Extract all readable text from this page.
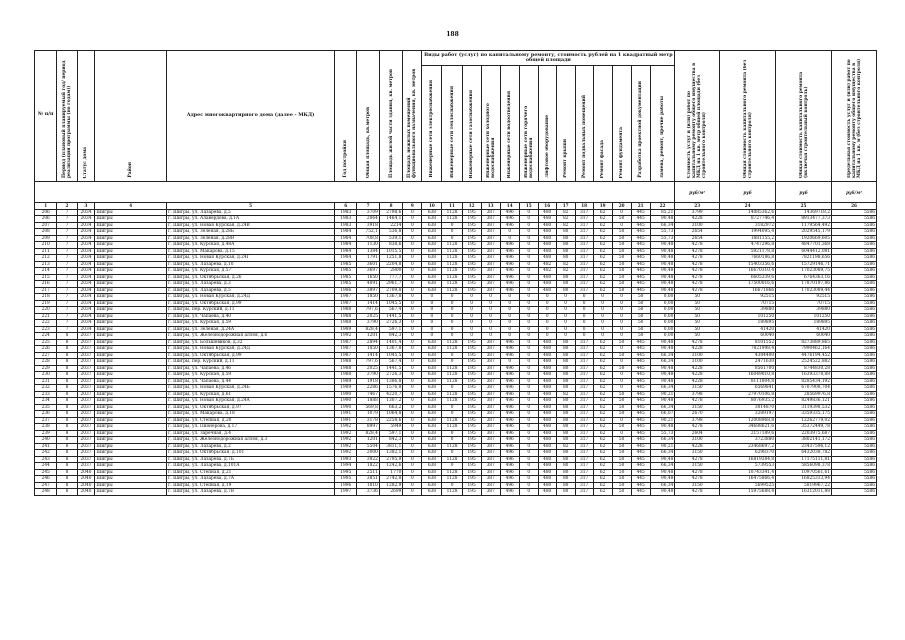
188
№ п/п	Период (плановый планируемый год/ период реализации программы (по годам))	Статус дома	Район	Адрес многоквартирного дома (далее - МКД)	Год постройки	Общая площадь, кв.метров	Площадь жилой части здания, кв. метров	Площадь нежилых помещений функционального назначения, кв. метров	Виды работ (услуг) по капитальному ремонту, стоимость рублей на 1 квадратный метр общей площади													Стоимость услуг и (или) работ по капитальному ремонту общего имущества в МКД на 1 кв. метр общей площади (без строительного контроля)	Общая стоимость капитального ремонта (без строительного контроля)	Общая стоимость капитального ремонта (включая строительный контроль)	Предельная стоимость услуг и (или) работ по капитальному ремонту общего имущества в МКД на 1 кв. м (без строительного контроля)

									Инженерные сети электроснабжения	Инженерные сети теплоснабжения	Инженерные сети газоснабжения	Инженерные сети холодного водоснабжения	Инженерные сети водоотведения	Инженерные сети горячего водоснабжения	Лифтовое оборудование	Ремонт крыши	Ремонт подвальных помещений	Ремонт фасада	Ремонт фундамента	Разработка проектной документации	Замена, ремонт, прочие работы				

																						руб/м²	руб	руб	руб/м²
1	2	3	4	5	6	7	8	9	10	11	12	13	14	15	16	17	18	19	20	21	22	23	24	25	26
206	7	2034	Шигры	г. Шигры, ул. Лазарева, д.5	1983	3709	2798,6	0	638	1128	195	387	496	0	480	82	317	62	0	445	85,21	3799	14085362,6	14369718,2	5586
206	7	2034	Шигры	г. Шигры, ул. Алавердова, д.1А	1983	2064	1464,1	0	638	1128	195	387	496	0	480	82	317	62	50	445	90,48	4228	8727746,4	8913477,373	5586
207	7	2034	Шигры	г. Шигры, ул. Новая Курская, д.24В	1983	3918	2214	0	638	0	195	387	496	0	480	82	317	62	0	445	66,34	3100	3182972	1179564,492	5586
208	7	2034	Шигры	г. Шигры, ул. Зеленая, д.28Б	1984	752,1	536,8	0	638	0	195	387	0	0	480	80	317	62	50	445	55,73	2654	1994095,4	2029545,179	5586
209	7	2034	Шигры	г. Шигры, ул. Зеленая, д.28В	1984	708,8	539,1	0	638	0	195	387	0	0	480	80	317	62	50	445	55,73	2654	1881155,2	1920669,605	5586
210	7	2034	Шигры	г. Шигры, ул. Курская, д.48А	1984	1130	838,6	0	638	1128	195	387	496	0	480	80	317	62	50	445	90,48	4278	4747296,8	4847701,368	5586
211	7	2034	Шигры	г. Шигры, ул. Макарова, д.15	1984	1384	1015,5	0	638	1128	195	387	496	0	480	80	317	62	50	445	90,48	4278	5921178,8	6044412,081	5586
212	7	2034	Шигры	г. Шигры, ул. Новая Курская, д.24Г	1984	1791	1251,8	0	638	1128	195	387	496	0	480	80	317	62	50	445	90,48	4278	7660186,8	7821198,656	5586
213	7	2034	Шигры	г. Шигры, ул. Лазарева, д.10	1985	3601	2204,8	0	638	1128	195	387	496	0	482	82	317	62	50	445	90,48	4278	15403356,6	15729146,71	5586
214	7	2034	Шигры	г. Шигры, ул. Курская, д.57	1985	3697	2800	0	638	1128	195	387	496	0	482	82	317	62	50	445	90,48	4278	16670310,4	17023089,75	5586
215	7	2034	Шигры	г. Шигры, ул. Октябрьская, д.26	1985	1650	777,7	0	638	1128	195	387	496	0	480	80	317	62	50	445	90,48	4278	6605339,6	6764363,16	5586
216	7	2034	Шигры	г. Шигры, ул. Лазарева, д.3	1985	4091	2961,7	0	638	1128	195	387	496	0	480	80	317	62	50	445	90,48	4278	17500016,6	17870197,86	5586
217	7	2034	Шигры	г. Шигры, ул. Лазарева, д.5	1986	3897	2709,8	0	638	1128	195	387	496	0	480	80	317	62	50	445	90,48	4278	16671866	17023089,44	5586
218	7	2034	Шигры	г. Шигры, ул. Новая Курская, д.24Д	1987	1850	1367,8	0	0	0	0	0	0	0	0	0	0	0	0	50	0,00	50	92515	92515	5586
219	7	2034	Шигры	г. Шигры, ул. Октябрьская, д.99	1987	1414	1045,5	0	0	0	0	0	0	0	0	0	0	0	0	50	0,00	50	70715	70715	5586
220	7	2034	Шигры	г. Шигры, пер. Курский, д.11	1988	797,6	567,4	0	0	0	0	0	0	0	0	0	0	0	0	50	0,00	50	39880	39880	5586
221	7	2034	Шигры	г. Шигры, ул. Чапаева, д.40	1988	2025	1441,5	0	0	0	0	0	0	0	0	0	0	0	0	50	0,00	50	101250	101250	5586
222	7	2034	Шигры	г. Шигры, ул. Курская, д.59	1988	3790	2726,3	0	0	0	0	0	0	0	0	0	0	0	0	50	0,00	50	189895	189895	5586
223	7	2034	Шигры	г. Шигры, ул. Зеленая, д.24А	1989	828,4	597,1	0	0	0	0	0	0	0	0	0	0	0	0	50	0,00	50	41420	41420	5586
224	8	2037	Шигры	г. Шигры, ул. Железнодорожная аллея, д.6	1992	1201	842,3	0	0	0	0	0	0	0	0	0	0	0	0	50	0,00	50	60040	60040	5586
225	8	2037	Шигры	г. Шигры, ул. Большевиков, д.32	1987	2894	1401,4	0	638	1128	195	387	496	0	480	80	317	62	50	445	90,48	4278	8101552	8273889,865	5586
226	8	2037	Шигры	г. Шигры, ул. Новая Курская, д.24Д	1987	1850	1367,8	0	638	1128	195	387	496	0	480	80	317	62	0	445	90,48	4228	7821998,4	7990462,164	5586
227	8	2037	Шигры	г. Шигры, ул. Октябрьская, д.99	1987	1414	1045,5	0	638	0	195	387	496	0	480	80	317	62	50	445	66,34	3100	4384400	4476194,452	5586
228	8	2037	Шигры	г. Шигры, пер. Курский, д.11	1988	797,6	567,4	0	638	0	195	387	0	0	480	80	317	62	0	445	66,34	3100	2471630	2524522,882	5586
229	8	2037	Шигры	г. Шигры, ул. Чапаева, д.46	1988	2025	1441,5	0	638	1128	195	387	496	0	480	80	317	62	50	445	90,48	4228	8561700	8744830,28	5586
230	8	2037	Шигры	г. Шигры, ул. Курская, д.59	1988	3790	2726,3	0	638	1128	195	387	496	0	480	80	317	62	0	445	90,48	4228	16049010,8	16393378,88	5586
231	8	2037	Шигры	г. Шигры, ул. Чапаева, д.44	1989	1918	1386,8	0	638	1128	195	387	496	0	480	80	317	62	0	445	90,48	4228	8111804,8	8285434,192	5586
232	8	2037	Шигры	г. Шигры, ул. Новая Курская, д.24Б	1989	2286	1576,8	0	638	0	195	387	496	0	480	80	317	62	0	445	66,34	3150	6569841	6707908,704	5586
233	8	2037	Шигры	г. Шигры, ул. Курская, д.61	1990	7467	4220,7	0	638	1128	195	387	496	0	480	82	317	62	50	445	90,21	3798	27970106,8	28569976,8	5586
234	8	2037	Шигры	г. Шигры, ул. Новая Курская, д.24А	1990	1888	1307,2	0	638	1128	195	387	496	0	480	80	317	62	50	445	90,48	4278	8076935,2	8249836,121	5586
235	8	2037	Шигры	г. Шигры, ул. Октябрьская, д.97	1990	569,8	663,2	0	638	0	195	387	496	0	480	80	317	62	50	445	66,34	3150	3014870	3119398,532	5586
236	8	2037	Шигры	г. Шигры, ул. Макарова, д.18	1991	1079	1064,8	0	638	0	195	387	496	0	480	80	317	62	50	445	66,07	2670	3289197	3359335,175	5586
237	8	2037	Шигры	г. Шигры, ул. Степная, д.20	1991	3178	2258,6	0	638	1128	195	387	496	0	480	80	317	62	0	445	90,21	3798	12008968,8	12262779,02	5586
238	8	2037	Шигры	г. Шигры, ул. Пионерова, д.17	1992	8997	5949	0	638	1128	195	387	496	0	480	80	317	62	50	445	90,48	4278	34688621,6	35372449,78	5586
239	8	2037	Шигры	г. Шигры, ул. Заречная, д.4	1992	828,4	597,1	0	638	0	195	387	496	0	480	80	317	62	0	445	55,73	2604	2157189,6	2203975,687	5586
240	8	2037	Шигры	г. Шигры, ул. Железнодорожная аллея, д.3	1992	1201	842,3	0	638	0	195	387	496	0	480	80	317	62	50	445	66,34	3100	3723880	3802141,172	5586
241	8	2037	Шигры	г. Шигры, ул. Лазарева, д.2	1992	5504	3811,1	0	638	1128	195	387	496	0	480	82	317	62	50	445	90,21	4228	23468697,2	23437596,12	5586
242	8	2037	Шигры	г. Шигры, ул. Октябрьская, д.101	1992	2000	1382,1	0	638	0	195	387	496	0	480	80	317	62	50	445	66,34	3150	6298370	6432038,782	5586
243	8	2037	Шигры	г. Шигры, ул. Лазарева, д.7Б	1993	3922	2795,9	0	638	1128	195	387	496	0	480	80	317	62	50	445	90,48	4278	16819384,8	17175111,81	5586
244	8	2037	Шигры	г. Шигры, ул. Лазарева, д.101А	1994	1822	1242,6	0	638	0	195	387	496	0	480	80	317	62	50	445	66,34	3150	5739553	5856098,378	5586
245	8	2040	Шигры	г. Шигры, ул. Степная, д.21	1995	2511	1770	0	638	1128	195	387	496	0	480	80	317	62	50	445	90,48	4278	10743341,4	10970561,61	5586
246	8	2040	Шигры	г. Шигры, ул. Лазарева, д.7А	1995	3851	2742,8	0	638	1128	195	387	496	0	480	80	317	62	50	445	90,48	4278	16475866,4	16825313,94	5586
247	8	2040	Шигры	г. Шигры, ул. Степная, д.19	1996	1810	1282,9	0	638	0	195	387	496	0	480	80	317	62	50	445	66,34	3150	5699525	5819967,22	5586
248	8	2040	Шигры	г. Шигры, ул. Лазарева, д.7В	1997	3736	2699	0	638	1128	195	387	496	0	480	80	317	62	50	445	90,48	4278	15975688,4	16312011,88	5586
